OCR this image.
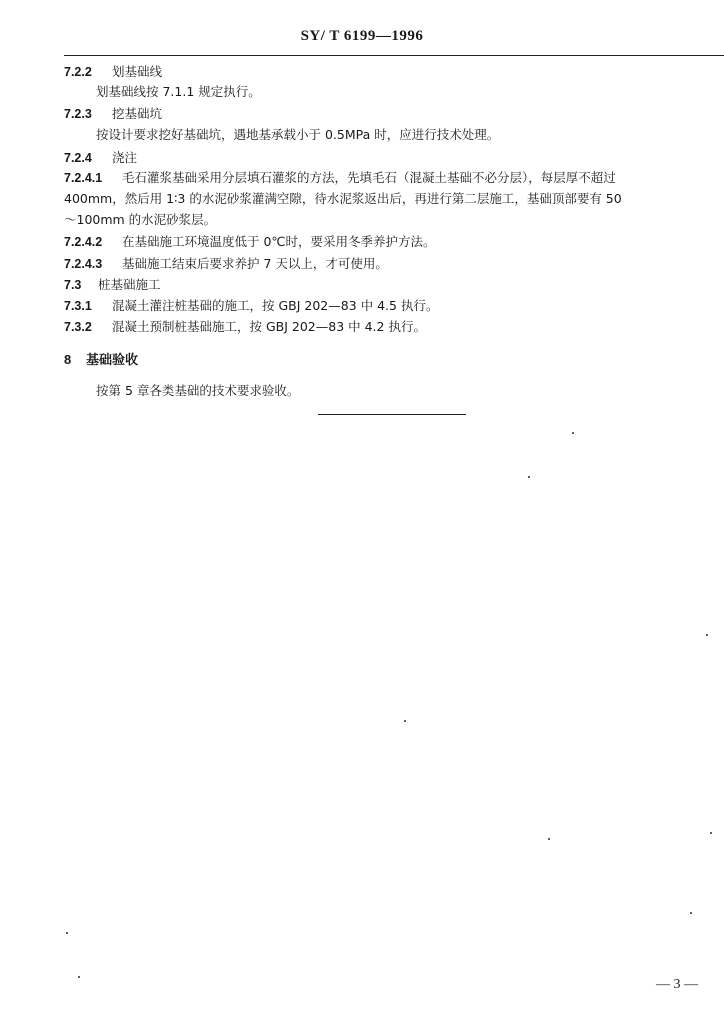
SY/ T 6199—1996
7.2.2 划基础线
划基础线按 7.1.1 规定执行。
7.2.3 挖基础坑
按设计要求挖好基础坑，遇地基承载小于 0.5MPa 时，应进行技术处理。
7.2.4 浇注
7.2.4.1 毛石灌浆基础采用分层填石灌浆的方法，先填毛石（混凝土基础不必分层），每层厚不超过
400mm，然后用 1∶3 的水泥砂浆灌满空隙，待水泥浆返出后，再进行第二层施工，基础顶部要有 50
～100mm 的水泥砂浆层。
7.2.4.2 在基础施工环境温度低于 0℃时，要采用冬季养护方法。
7.2.4.3 基础施工结束后要求养护 7 天以上，才可使用。
7.3 桩基础施工
7.3.1 混凝土灌注桩基础的施工，按 GBJ 202—83 中 4.5 执行。
7.3.2 混凝土预制桩基础施工，按 GBJ 202—83 中 4.2 执行。
8 基础验收
按第 5 章各类基础的技术要求验收。
— 3 —
